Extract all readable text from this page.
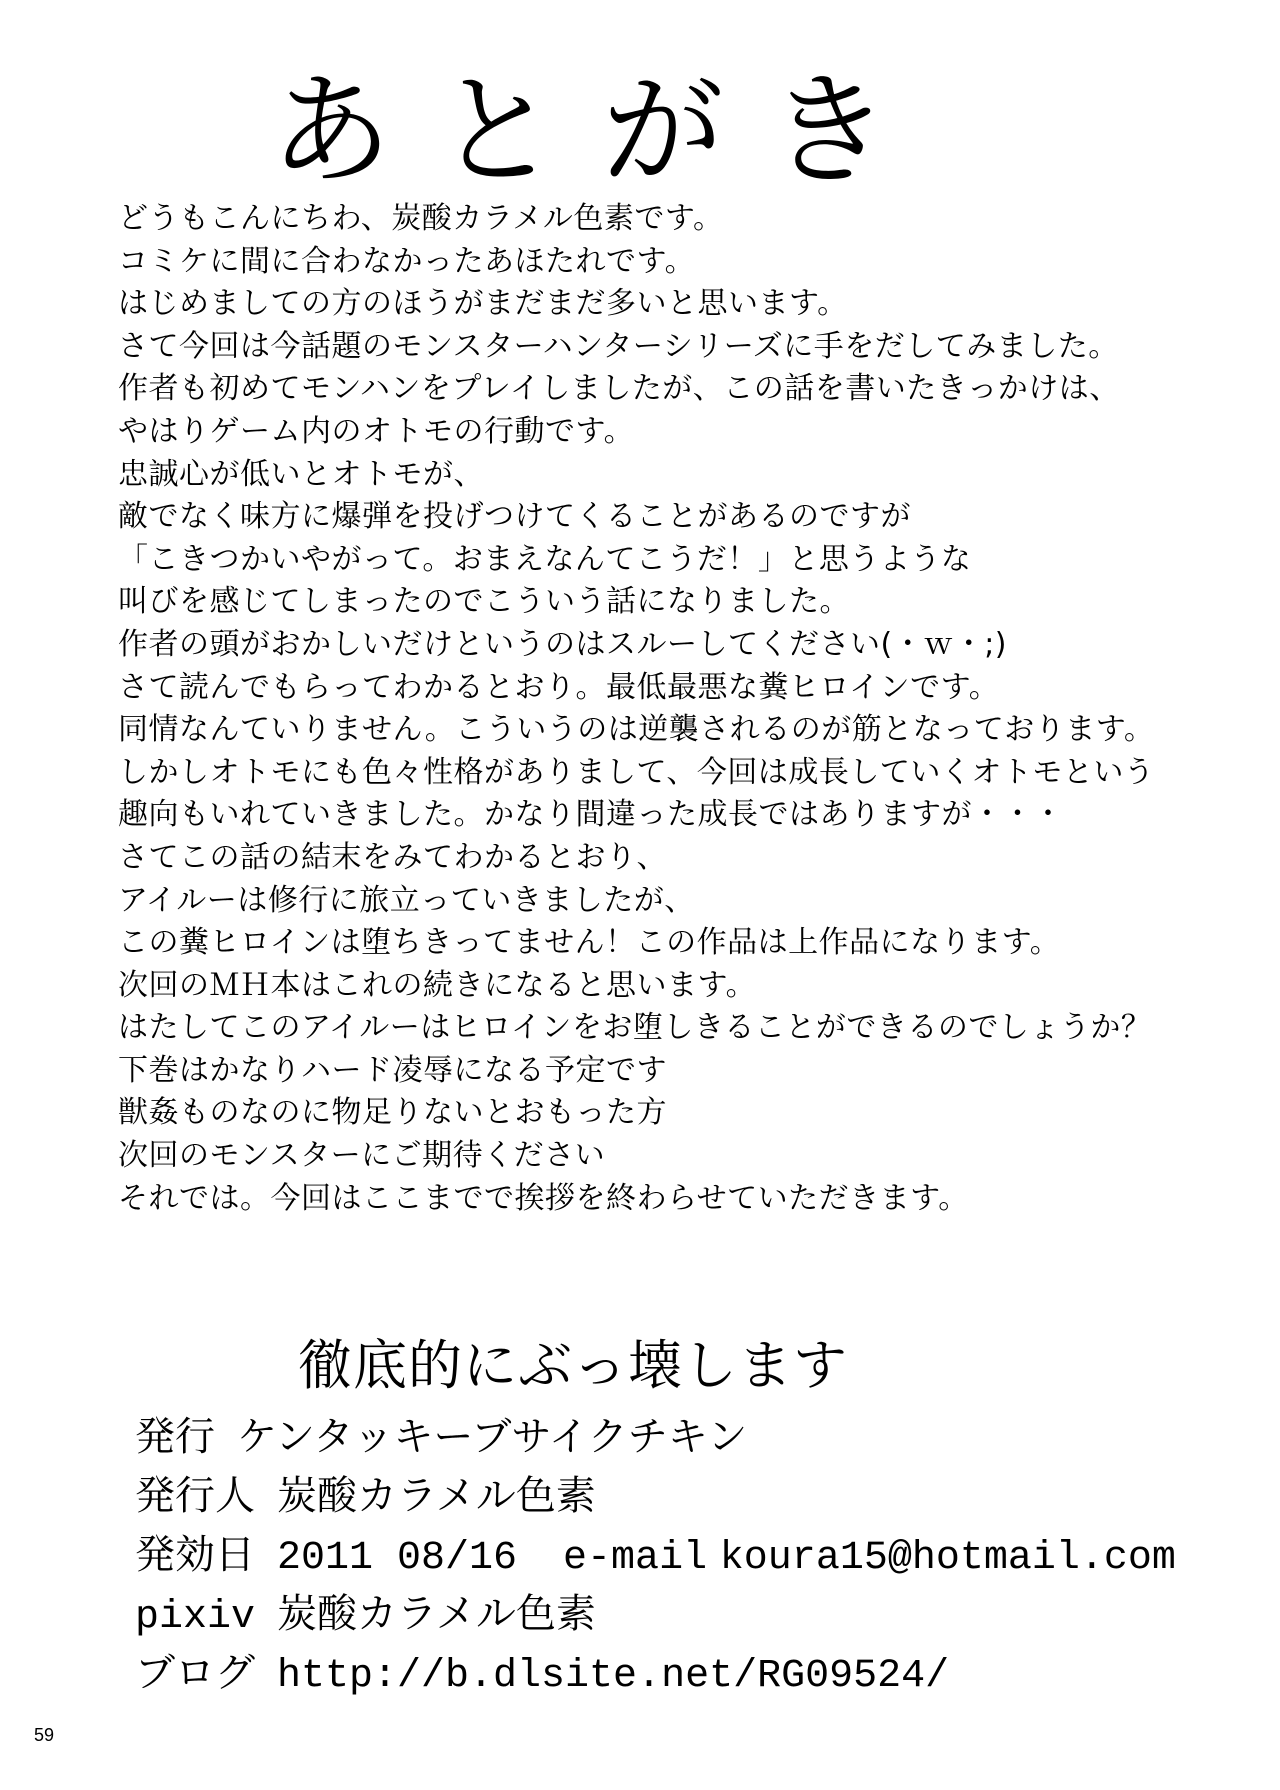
あ と が き
どうもこんにちわ、炭酸カラメル色素です。
コミケに間に合わなかったあほたれです。
はじめましての方のほうがまだまだ多いと思います。
さて今回は今話題のモンスターハンターシリーズに手をだしてみました。
作者も初めてモンハンをプレイしましたが、この話を書いたきっかけは、
やはりゲーム内のオトモの行動です。
忠誠心が低いとオトモが、
敵でなく味方に爆弾を投げつけてくることがあるのですが
「こきつかいやがって。おまえなんてこうだ！」と思うような
叫びを感じてしまったのでこういう話になりました。
作者の頭がおかしいだけというのはスルーしてください(・ｗ・;)
さて読んでもらってわかるとおり。最低最悪な糞ヒロインです。
同情なんていりません。こういうのは逆襲されるのが筋となっております。
しかしオトモにも色々性格がありまして、今回は成長していくオトモという
趣向もいれていきました。かなり間違った成長ではありますが・・・
さてこの話の結末をみてわかるとおり、
アイルーは修行に旅立っていきましたが、
この糞ヒロインは堕ちきってません！この作品は上作品になります。
次回のＭＨ本はこれの続きになると思います。
はたしてこのアイルーはヒロインをお堕しきることができるのでしょうか？
下巻はかなりハード凌辱になる予定です
獣姦ものなのに物足りないとおもった方
次回のモンスターにご期待ください
それでは。今回はここまでで挨拶を終わらせていただきます。
徹底的にぶっ壊します
発行 ケンタッキーブサイクチキン
発行人 炭酸カラメル色素
発効日 2011 08/16 e-mail koura15@hotmail.com
pixiv 炭酸カラメル色素
ブログ http://b.dlsite.net/RG09524/
59
